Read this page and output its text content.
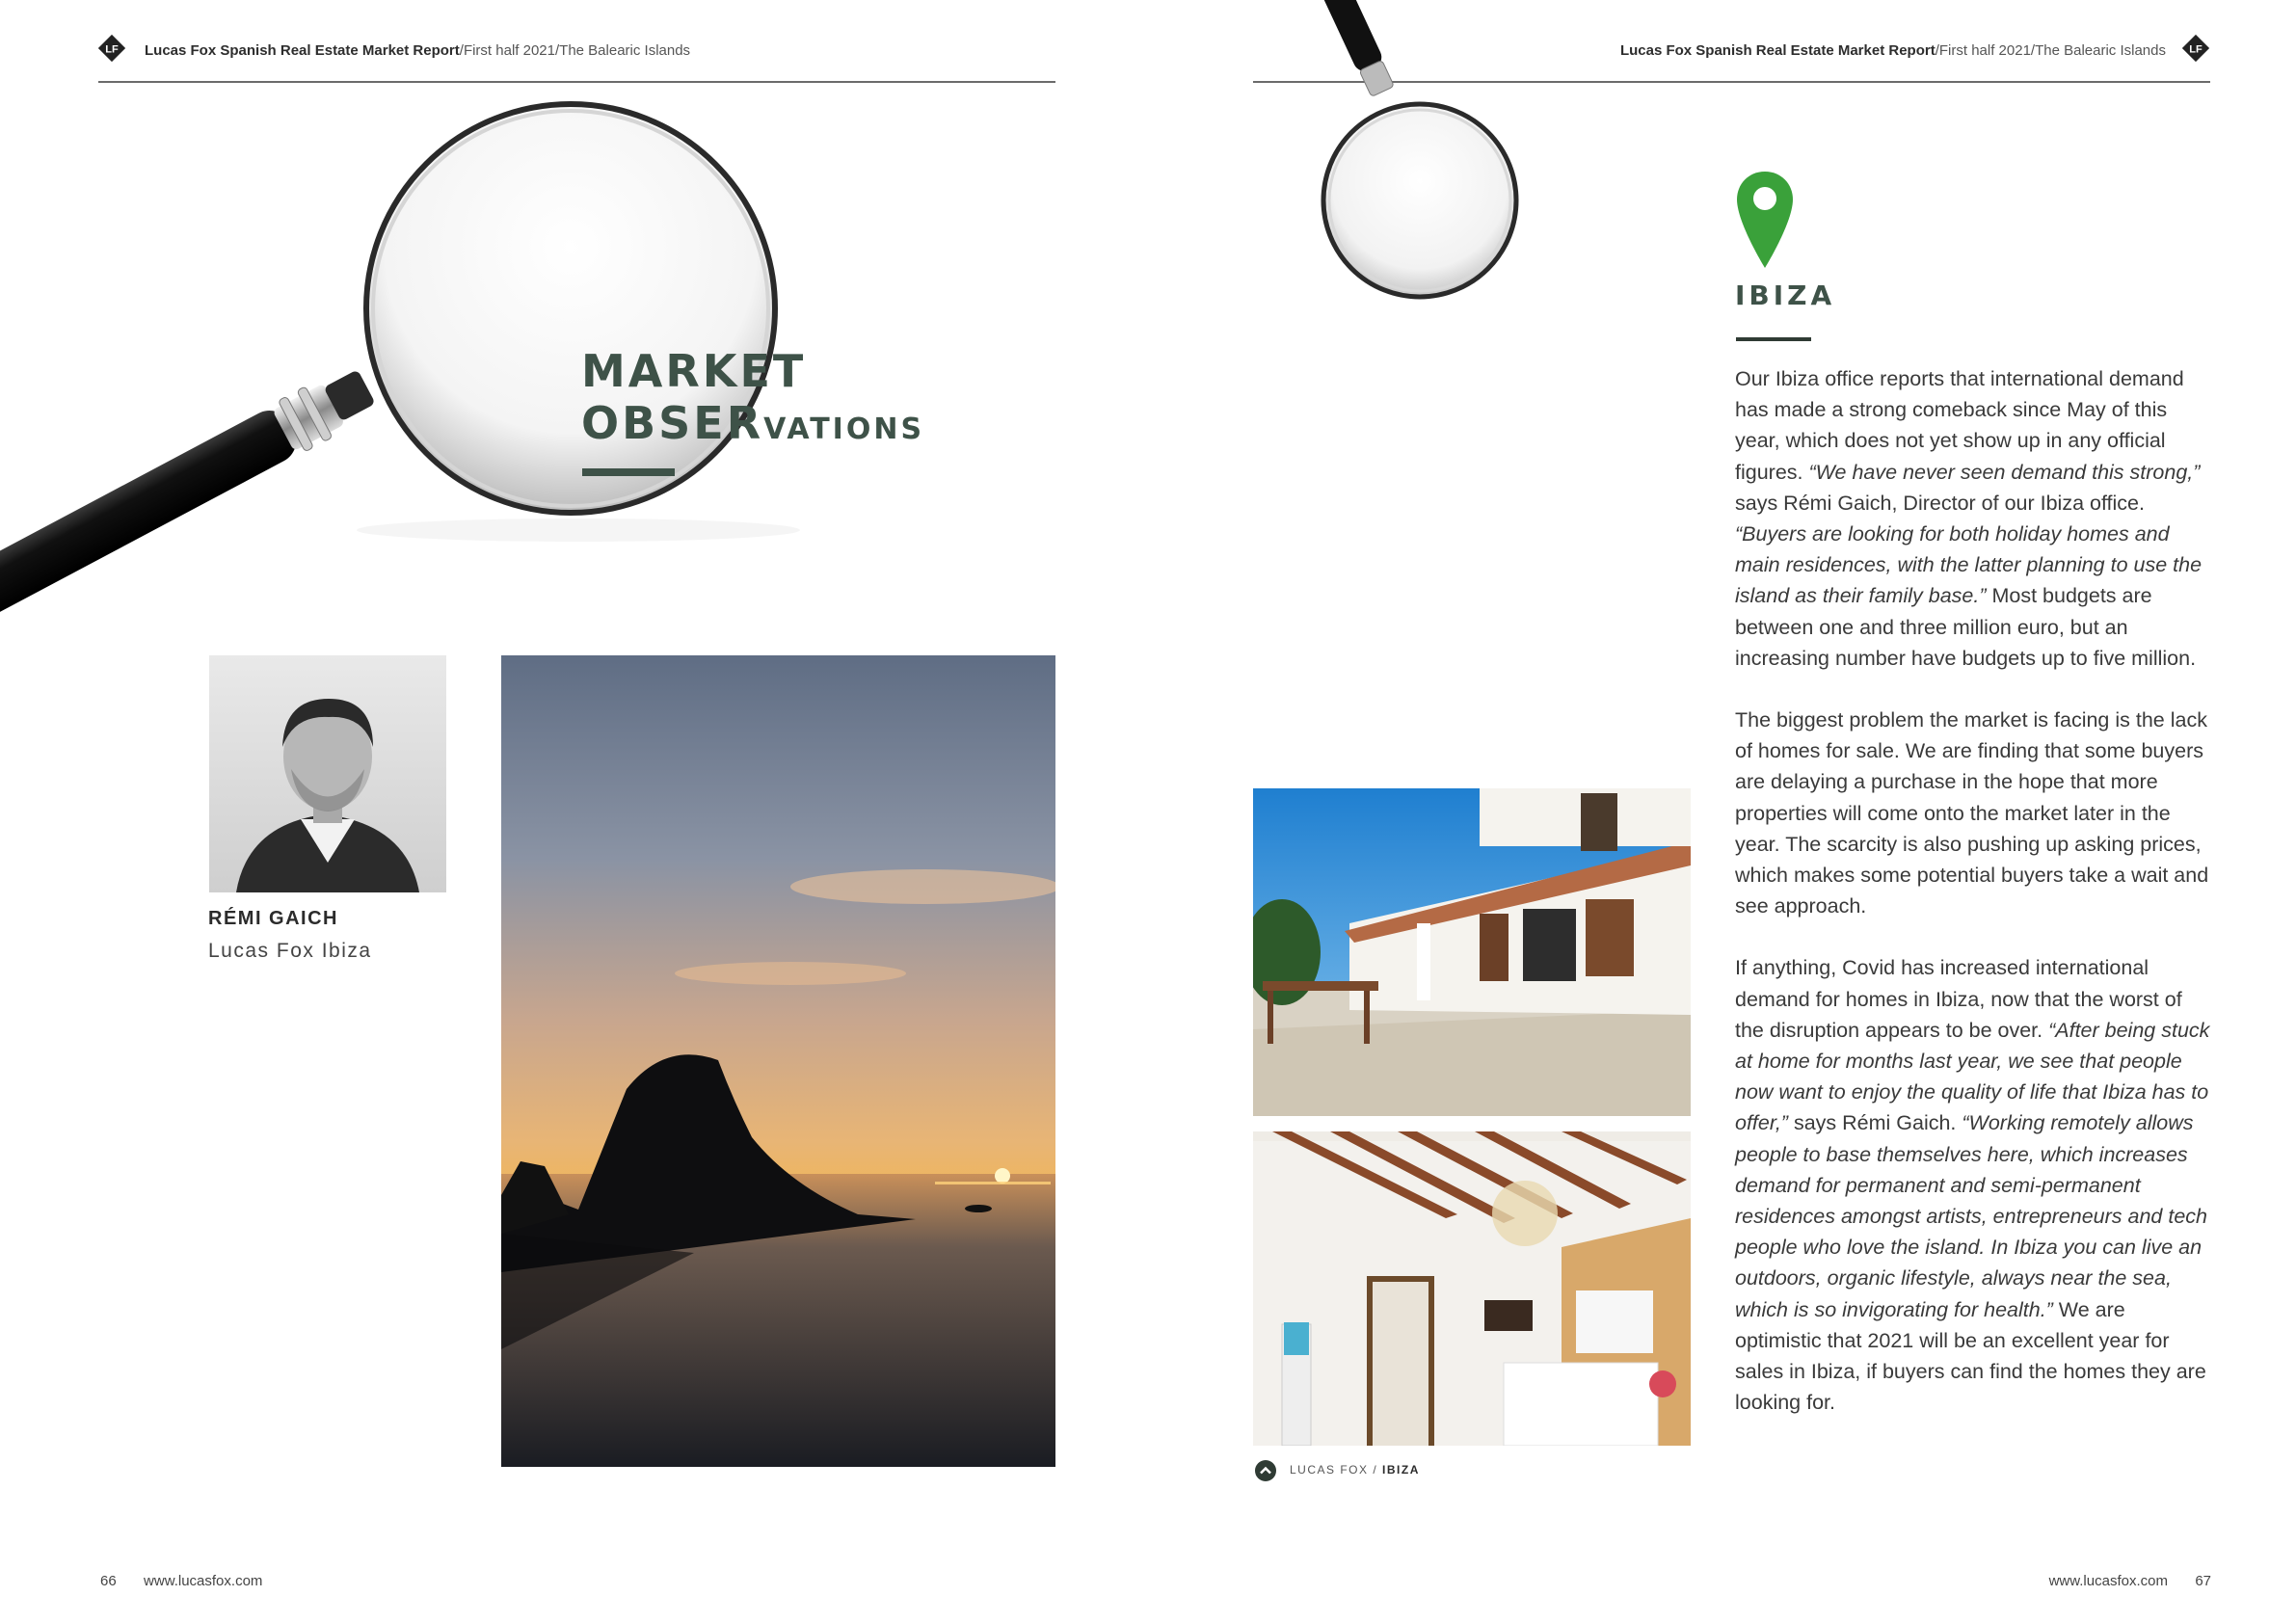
LF Lucas Fox Spanish Real Estate Market Report / First half 2021 / The Balearic Islands
MARKET
OBSERVATIONS
RÉMI GAICH
Lucas Fox Ibiza
66 www.lucasfox.com
Lucas Fox Spanish Real Estate Market Report / First half 2021 / The Balearic Islands LF
IBIZA

Our Ibiza office reports that international demand has made a strong comeback since May of this year, which does not yet show up in any official figures. “We have never seen demand this strong,” says Rémi Gaich, Director of our Ibiza office. “Buyers are looking for both holiday homes and main residences, with the latter planning to use the island as their family base.” Most budgets are between one and three million euro, but an increasing number have budgets up to five million.

The biggest problem the market is facing is the lack of homes for sale. We are finding that some buyers are delaying a purchase in the hope that more properties will come onto the market later in the year. The scarcity is also pushing up asking prices, which makes some potential buyers take a wait and see approach.

If anything, Covid has increased international demand for homes in Ibiza, now that the worst of the disruption appears to be over. “After being stuck at home for months last year, we see that people now want to enjoy the quality of life that Ibiza has to offer,” says Rémi Gaich. “Working remotely allows people to base themselves here, which increases demand for permanent and semi-permanent residences amongst artists, entrepreneurs and tech people who love the island. In Ibiza you can live an outdoors, organic lifestyle, always near the sea, which is so invigorating for health.” We are optimistic that 2021 will be an excellent year for sales in Ibiza, if buyers can find the homes they are looking for.

LUCAS FOX / IBIZA
www.lucasfox.com 67
